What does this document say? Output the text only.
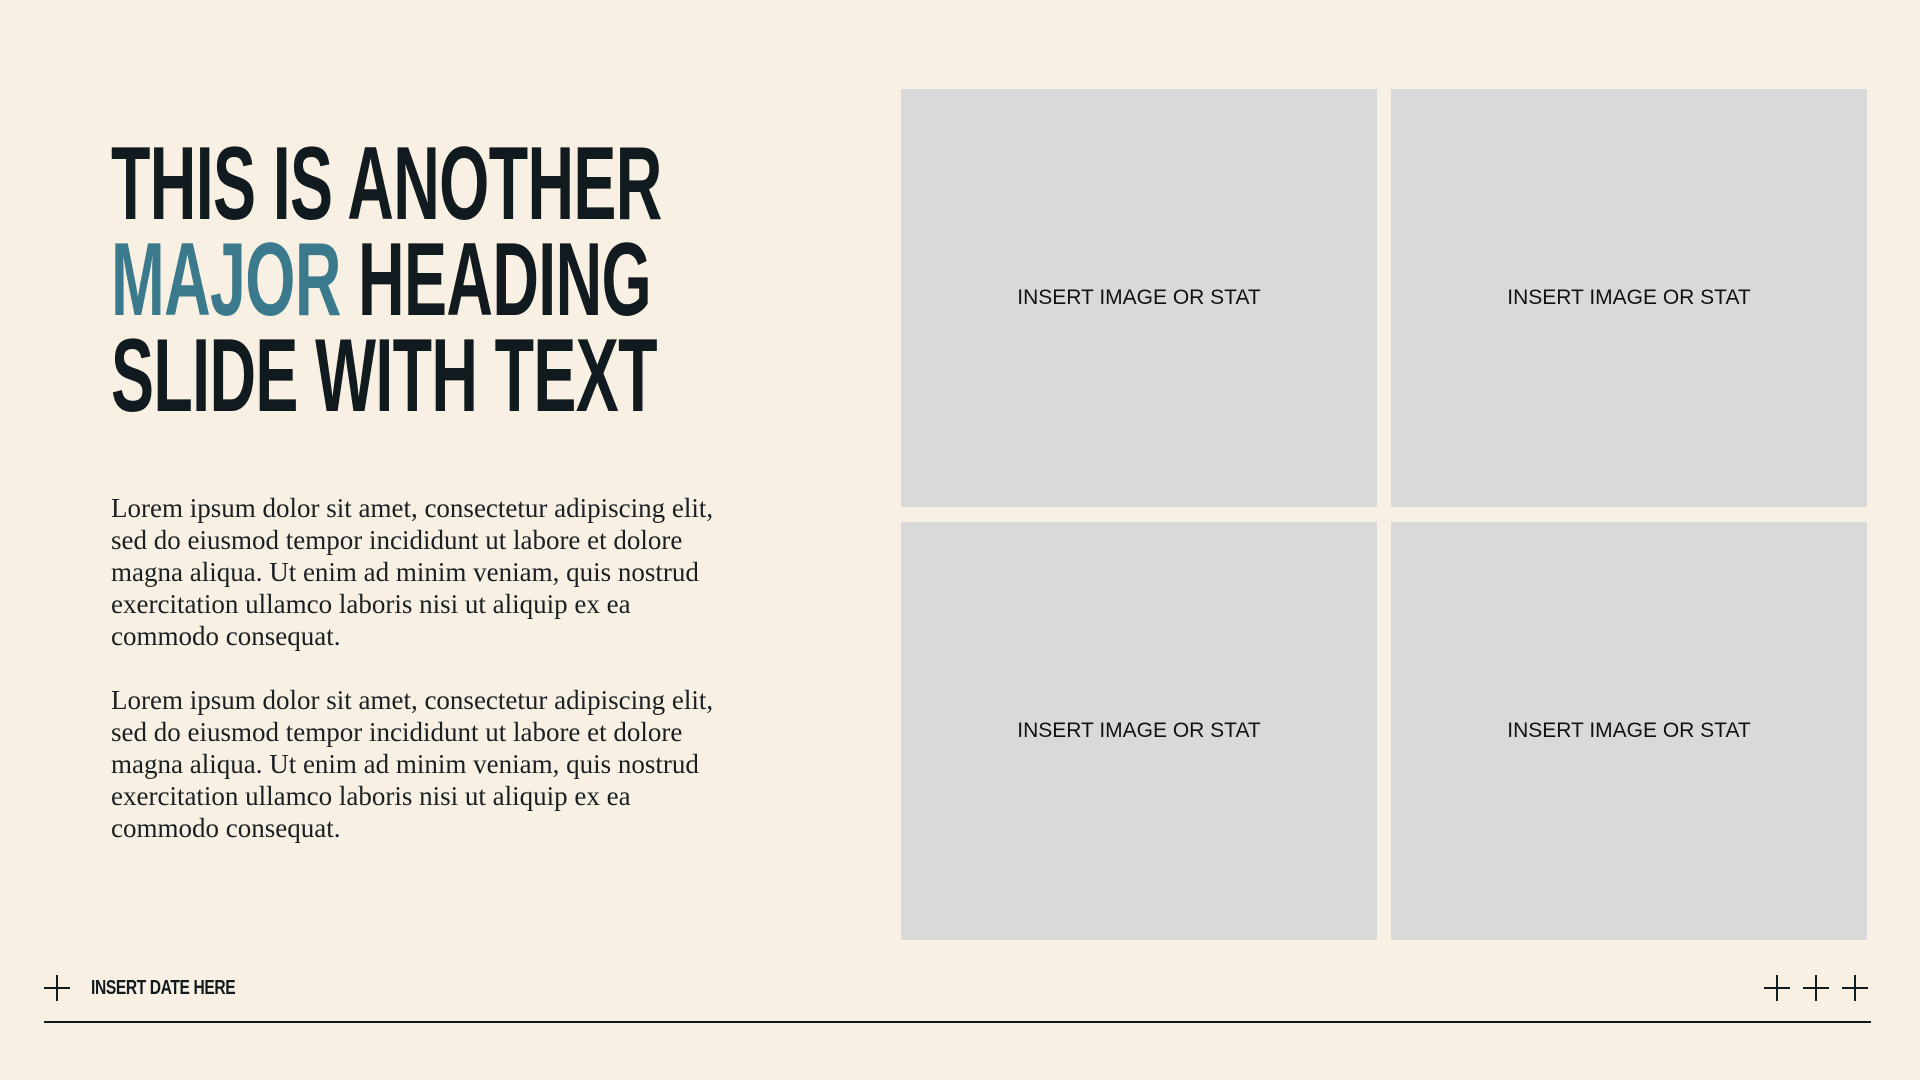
THIS IS ANOTHER
MAJOR HEADING
SLIDE WITH TEXT

Lorem ipsum dolor sit amet, consectetur adipiscing elit, sed do eiusmod tempor incididunt ut labore et dolore magna aliqua. Ut enim ad minim veniam, quis nostrud exercitation ullamco laboris nisi ut aliquip ex ea commodo consequat.

Lorem ipsum dolor sit amet, consectetur adipiscing elit, sed do eiusmod tempor incididunt ut labore et dolore magna aliqua. Ut enim ad minim veniam, quis nostrud exercitation ullamco laboris nisi ut aliquip ex ea commodo consequat.

INSERT IMAGE OR STAT	INSERT IMAGE OR STAT
INSERT IMAGE OR STAT	INSERT IMAGE OR STAT
INSERT DATE HERE
